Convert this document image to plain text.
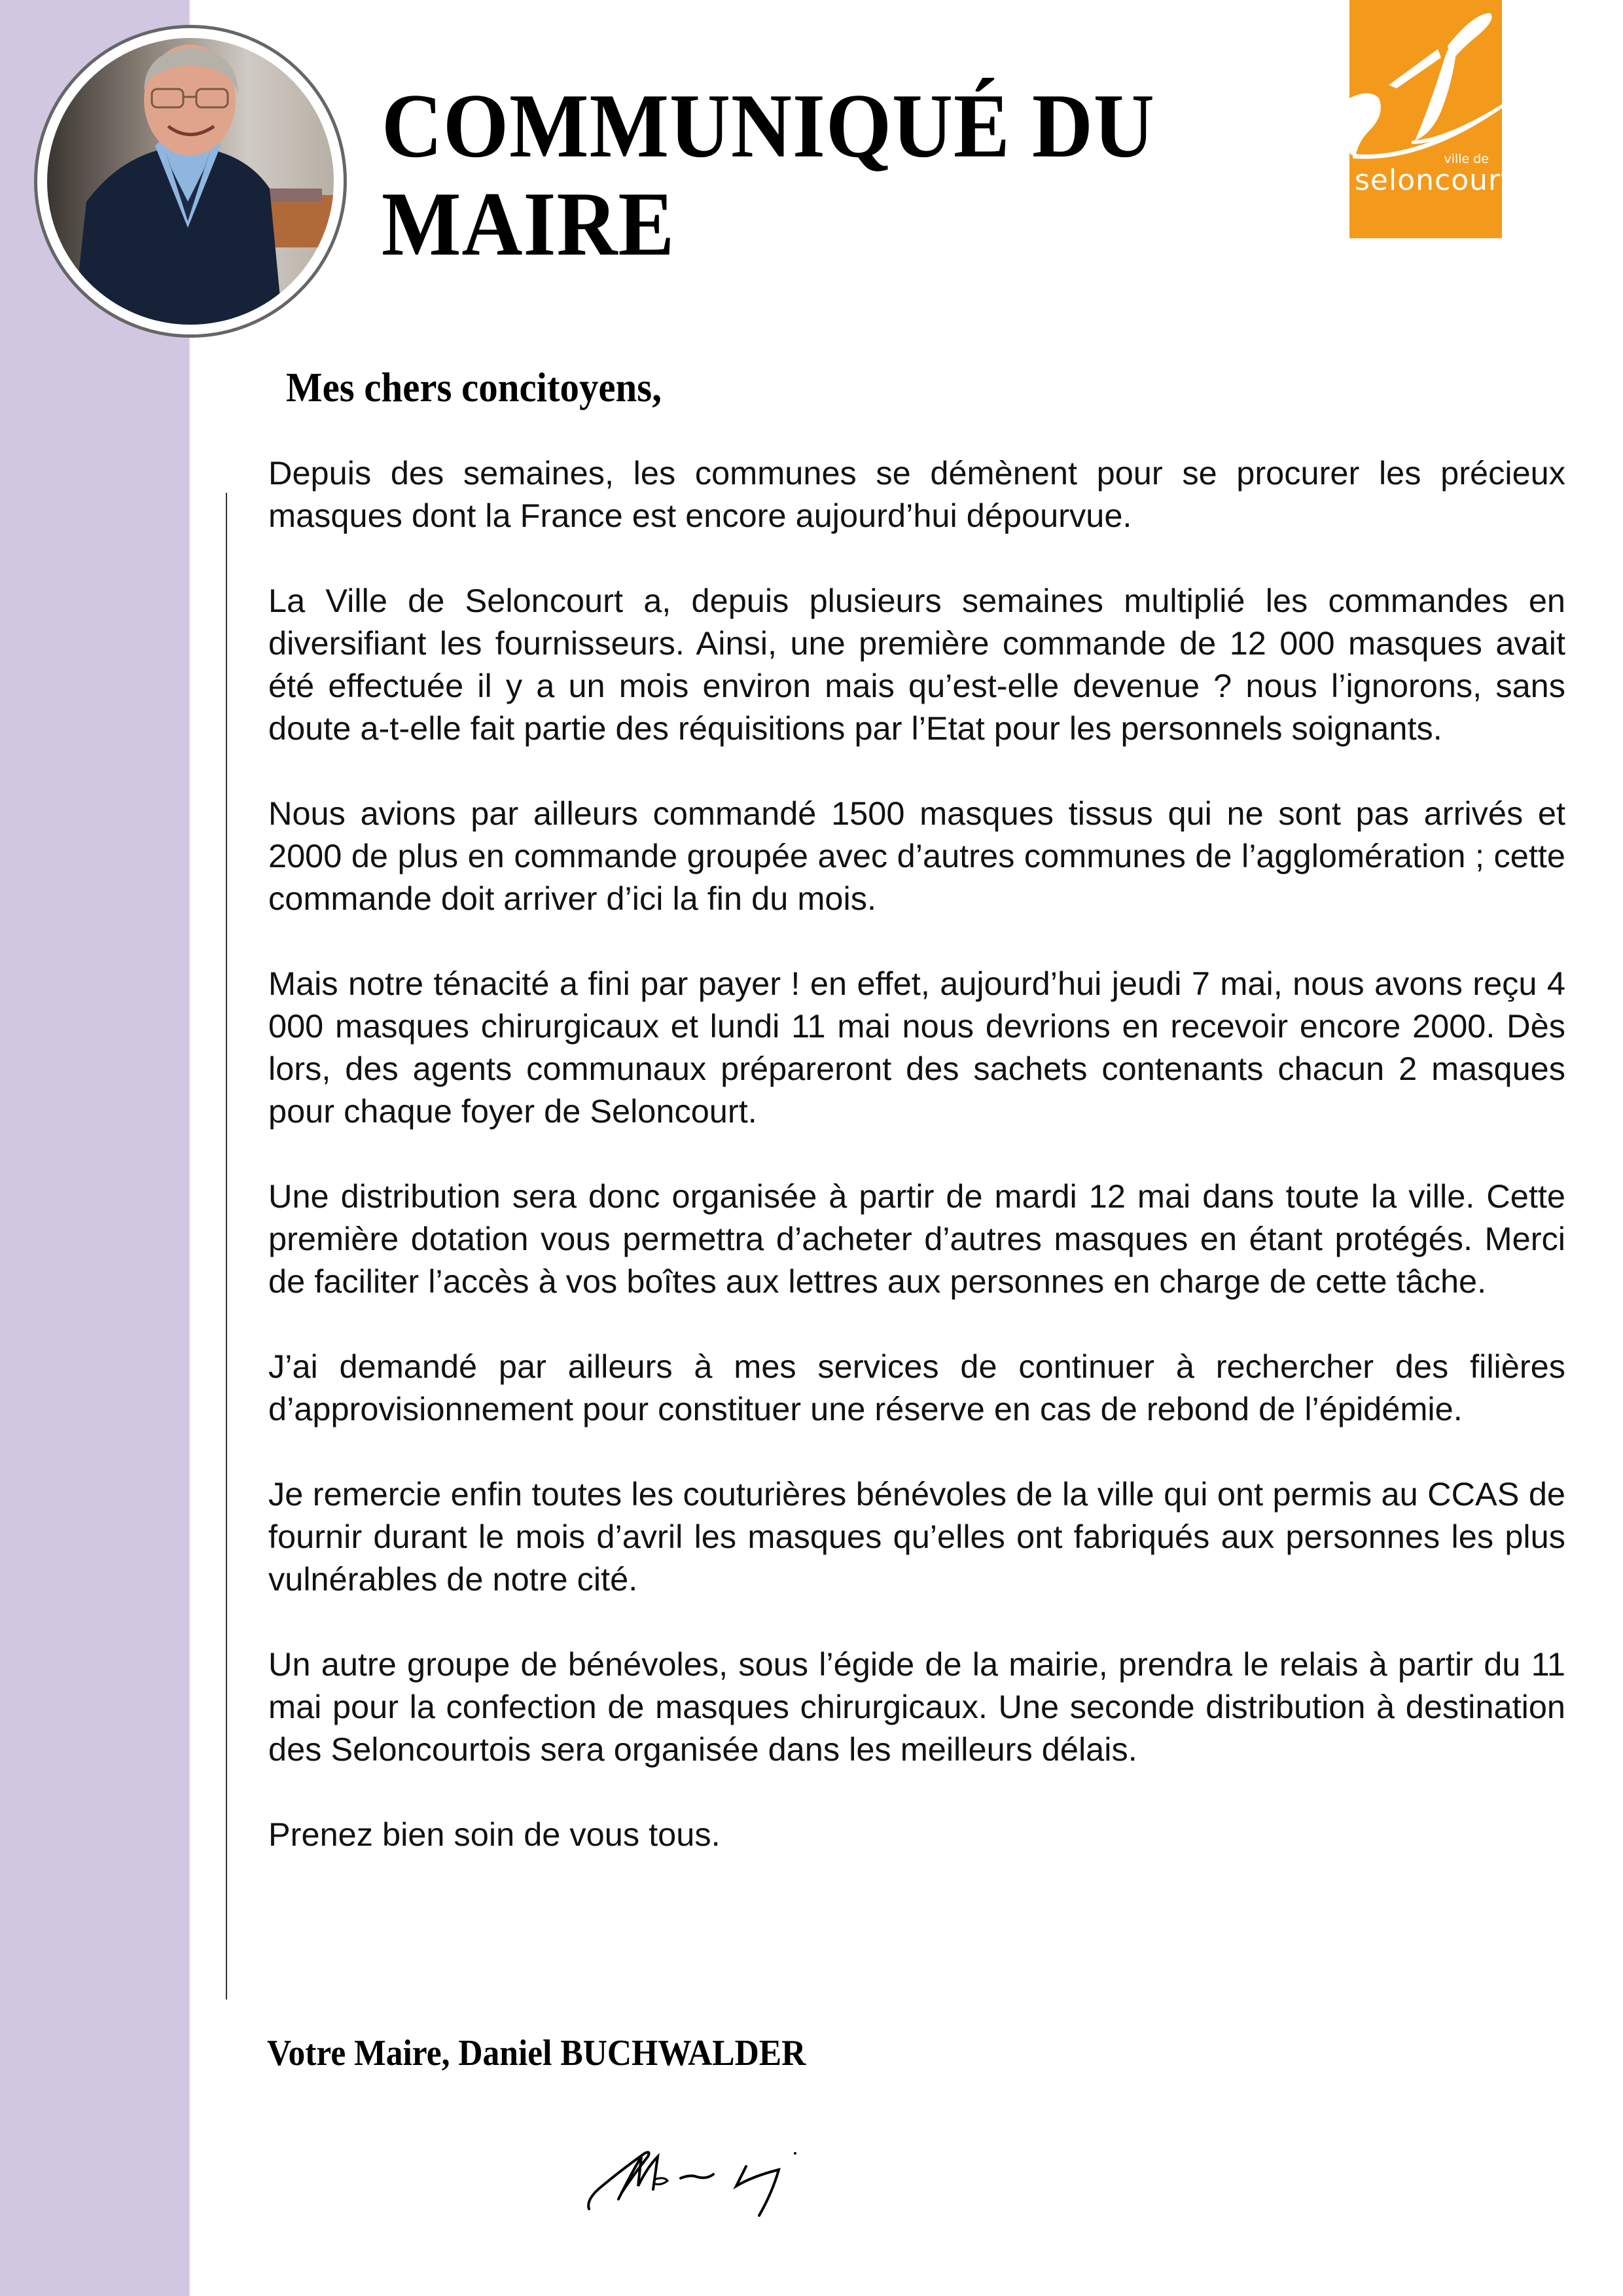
COMMUNIQUÉ DU
MAIRE
ville de
seloncourt
Mes chers concitoyens,

Depuis des semaines, les communes se démènent pour se procurer les précieux masques dont la France est encore aujourd’hui dépourvue.

La Ville de Seloncourt a, depuis plusieurs semaines multiplié les commandes en diversifiant les fournisseurs. Ainsi, une première commande de 12 000 masques avait été effectuée il y a un mois environ mais qu’est-elle devenue ? nous l’ignorons, sans doute a-t-elle fait partie des réquisitions par l’Etat pour les personnels soignants.

Nous avions par ailleurs commandé 1500 masques tissus qui ne sont pas arrivés et 2000 de plus en commande groupée avec d’autres communes de l’agglomération ; cette commande doit arriver d’ici la fin du mois.

Mais notre ténacité a fini par payer ! en effet, aujourd’hui jeudi 7 mai, nous avons reçu 4 000 masques chirurgicaux et lundi 11 mai nous devrions en recevoir encore 2000. Dès lors, des agents communaux prépareront des sachets contenants chacun 2 masques pour chaque foyer de Seloncourt.

Une distribution sera donc organisée à partir de mardi 12 mai dans toute la ville. Cette première dotation vous permettra d’acheter d’autres masques en étant protégés. Merci de faciliter l’accès à vos boîtes aux lettres aux personnes en charge de cette tâche.

J’ai demandé par ailleurs à mes services de continuer à rechercher des filières d’approvisionnement pour constituer une réserve en cas de rebond de l’épidémie.

Je remercie enfin toutes les couturières bénévoles de la ville qui ont permis au CCAS de fournir durant le mois d’avril les masques qu’elles ont fabriqués aux personnes les plus vulnérables de notre cité.

Un autre groupe de bénévoles, sous l’égide de la mairie, prendra le relais à partir du 11 mai pour la confection de masques chirurgicaux. Une seconde distribution à destination des Seloncourtois sera organisée dans les meilleurs délais.

Prenez bien soin de vous tous.

Votre Maire, Daniel BUCHWALDER
